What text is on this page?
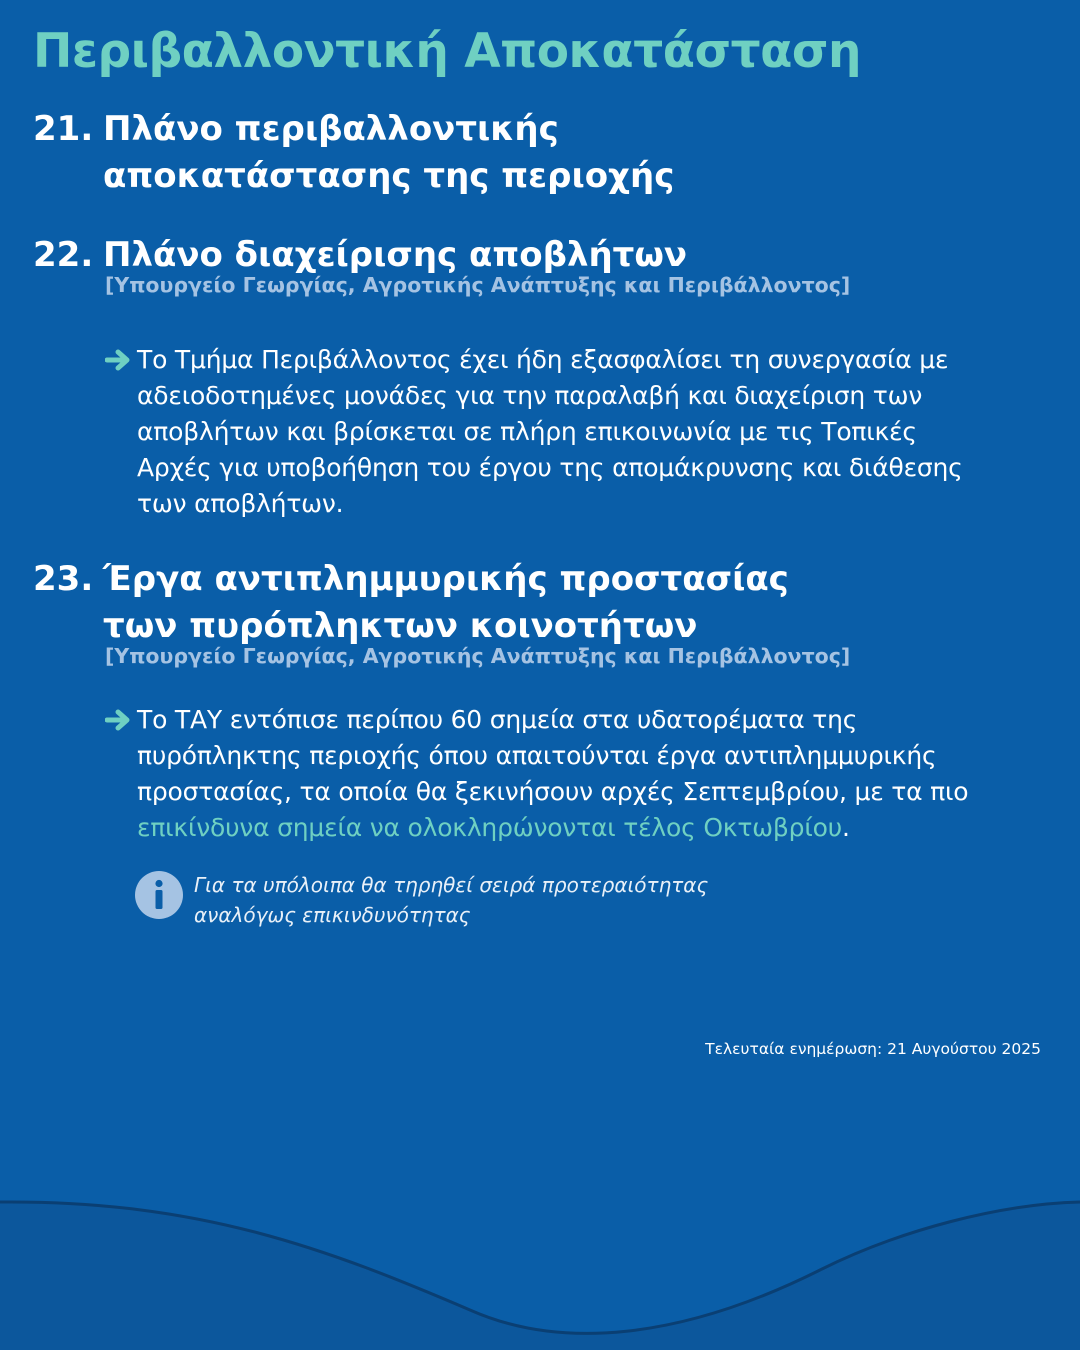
Περιβαλλοντική Αποκατάσταση
21. Πλάνο περιβαλλοντικής αποκατάστασης της περιοχής
22. Πλάνο διαχείρισης αποβλήτων
[Υπουργείο Γεωργίας, Αγροτικής Ανάπτυξης και Περιβάλλοντος]
Το Τμήμα Περιβάλλοντος έχει ήδη εξασφαλίσει τη συνεργασία με αδειοδοτημένες μονάδες για την παραλαβή και διαχείριση των αποβλήτων και βρίσκεται σε πλήρη επικοινωνία με τις Τοπικές Αρχές για υποβοήθηση του έργου της απομάκρυνσης και διάθεσης των αποβλήτων.
23. Έργα αντιπλημμυρικής προστασίας των πυρόπληκτων κοινοτήτων
[Υπουργείο Γεωργίας, Αγροτικής Ανάπτυξης και Περιβάλλοντος]
Το ΤΑΥ εντόπισε περίπου 60 σημεία στα υδατορέματα της πυρόπληκτης περιοχής όπου απαιτούνται έργα αντιπλημμυρικής προστασίας, τα οποία θα ξεκινήσουν αρχές Σεπτεμβρίου, με τα πιο επικίνδυνα σημεία να ολοκληρώνονται τέλος Οκτωβρίου.
Για τα υπόλοιπα θα τηρηθεί σειρά προτεραιότητας αναλόγως επικινδυνότητας
Τελευταία ενημέρωση: 21 Αυγούστου 2025
